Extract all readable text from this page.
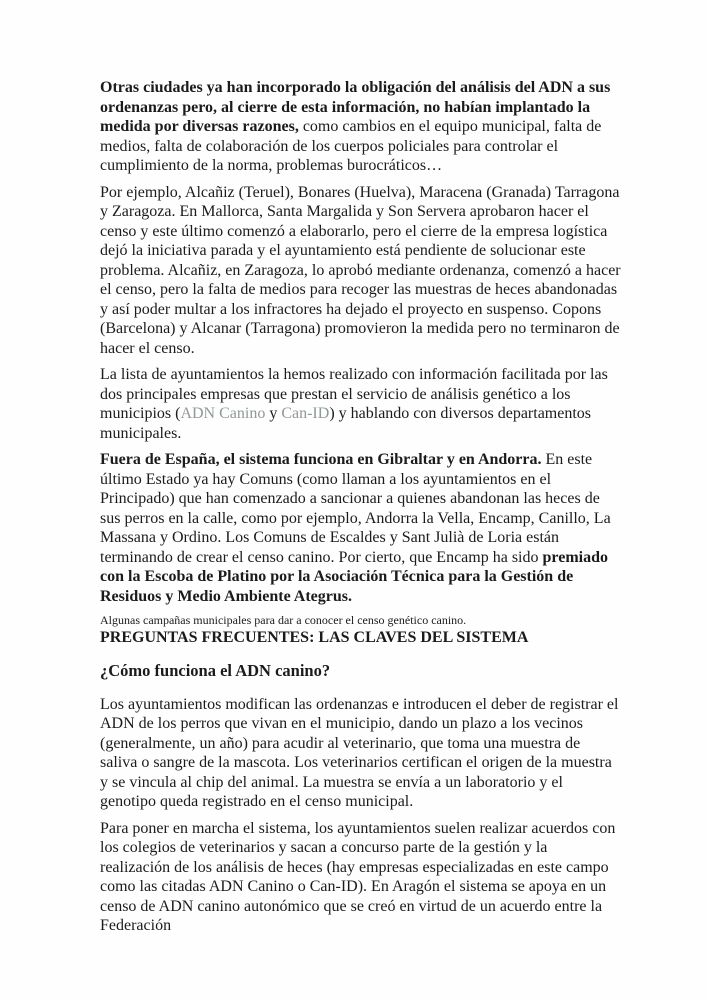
Otras ciudades ya han incorporado la obligación del análisis del ADN a sus ordenanzas pero, al cierre de esta información, no habían implantado la medida por diversas razones, como cambios en el equipo municipal, falta de medios, falta de colaboración de los cuerpos policiales para controlar el cumplimiento de la norma, problemas burocráticos…

Por ejemplo, Alcañiz (Teruel), Bonares (Huelva), Maracena (Granada) Tarragona y Zaragoza. En Mallorca, Santa Margalida y Son Servera aprobaron hacer el censo y este último comenzó a elaborarlo, pero el cierre de la empresa logística dejó la iniciativa parada y el ayuntamiento está pendiente de solucionar este problema. Alcañiz, en Zaragoza, lo aprobó mediante ordenanza, comenzó a hacer el censo, pero la falta de medios para recoger las muestras de heces abandonadas y así poder multar a los infractores ha dejado el proyecto en suspenso. Copons (Barcelona) y Alcanar (Tarragona) promovieron la medida pero no terminaron de hacer el censo.

La lista de ayuntamientos la hemos realizado con información facilitada por las dos principales empresas que prestan el servicio de análisis genético a los municipios (ADN Canino y Can-ID) y hablando con diversos departamentos municipales.

Fuera de España, el sistema funciona en Gibraltar y en Andorra. En este último Estado ya hay Comuns (como llaman a los ayuntamientos en el Principado) que han comenzado a sancionar a quienes abandonan las heces de sus perros en la calle, como por ejemplo, Andorra la Vella, Encamp, Canillo, La Massana y Ordino. Los Comuns de Escaldes y Sant Julià de Loria están terminando de crear el censo canino. Por cierto, que Encamp ha sido premiado con la Escoba de Platino por la Asociación Técnica para la Gestión de Residuos y Medio Ambiente Ategrus.

Algunas campañas municipales para dar a conocer el censo genético canino.

PREGUNTAS FRECUENTES: LAS CLAVES DEL SISTEMA
¿Cómo funciona el ADN canino?

Los ayuntamientos modifican las ordenanzas e introducen el deber de registrar el ADN de los perros que vivan en el municipio, dando un plazo a los vecinos (generalmente, un año) para acudir al veterinario, que toma una muestra de saliva o sangre de la mascota. Los veterinarios certifican el origen de la muestra y se vincula al chip del animal. La muestra se envía a un laboratorio y el genotipo queda registrado en el censo municipal.

Para poner en marcha el sistema, los ayuntamientos suelen realizar acuerdos con los colegios de veterinarios y sacan a concurso parte de la gestión y la realización de los análisis de heces (hay empresas especializadas en este campo como las citadas ADN Canino o Can-ID). En Aragón el sistema se apoya en un censo de ADN canino autonómico que se creó en virtud de un acuerdo entre la Federación
